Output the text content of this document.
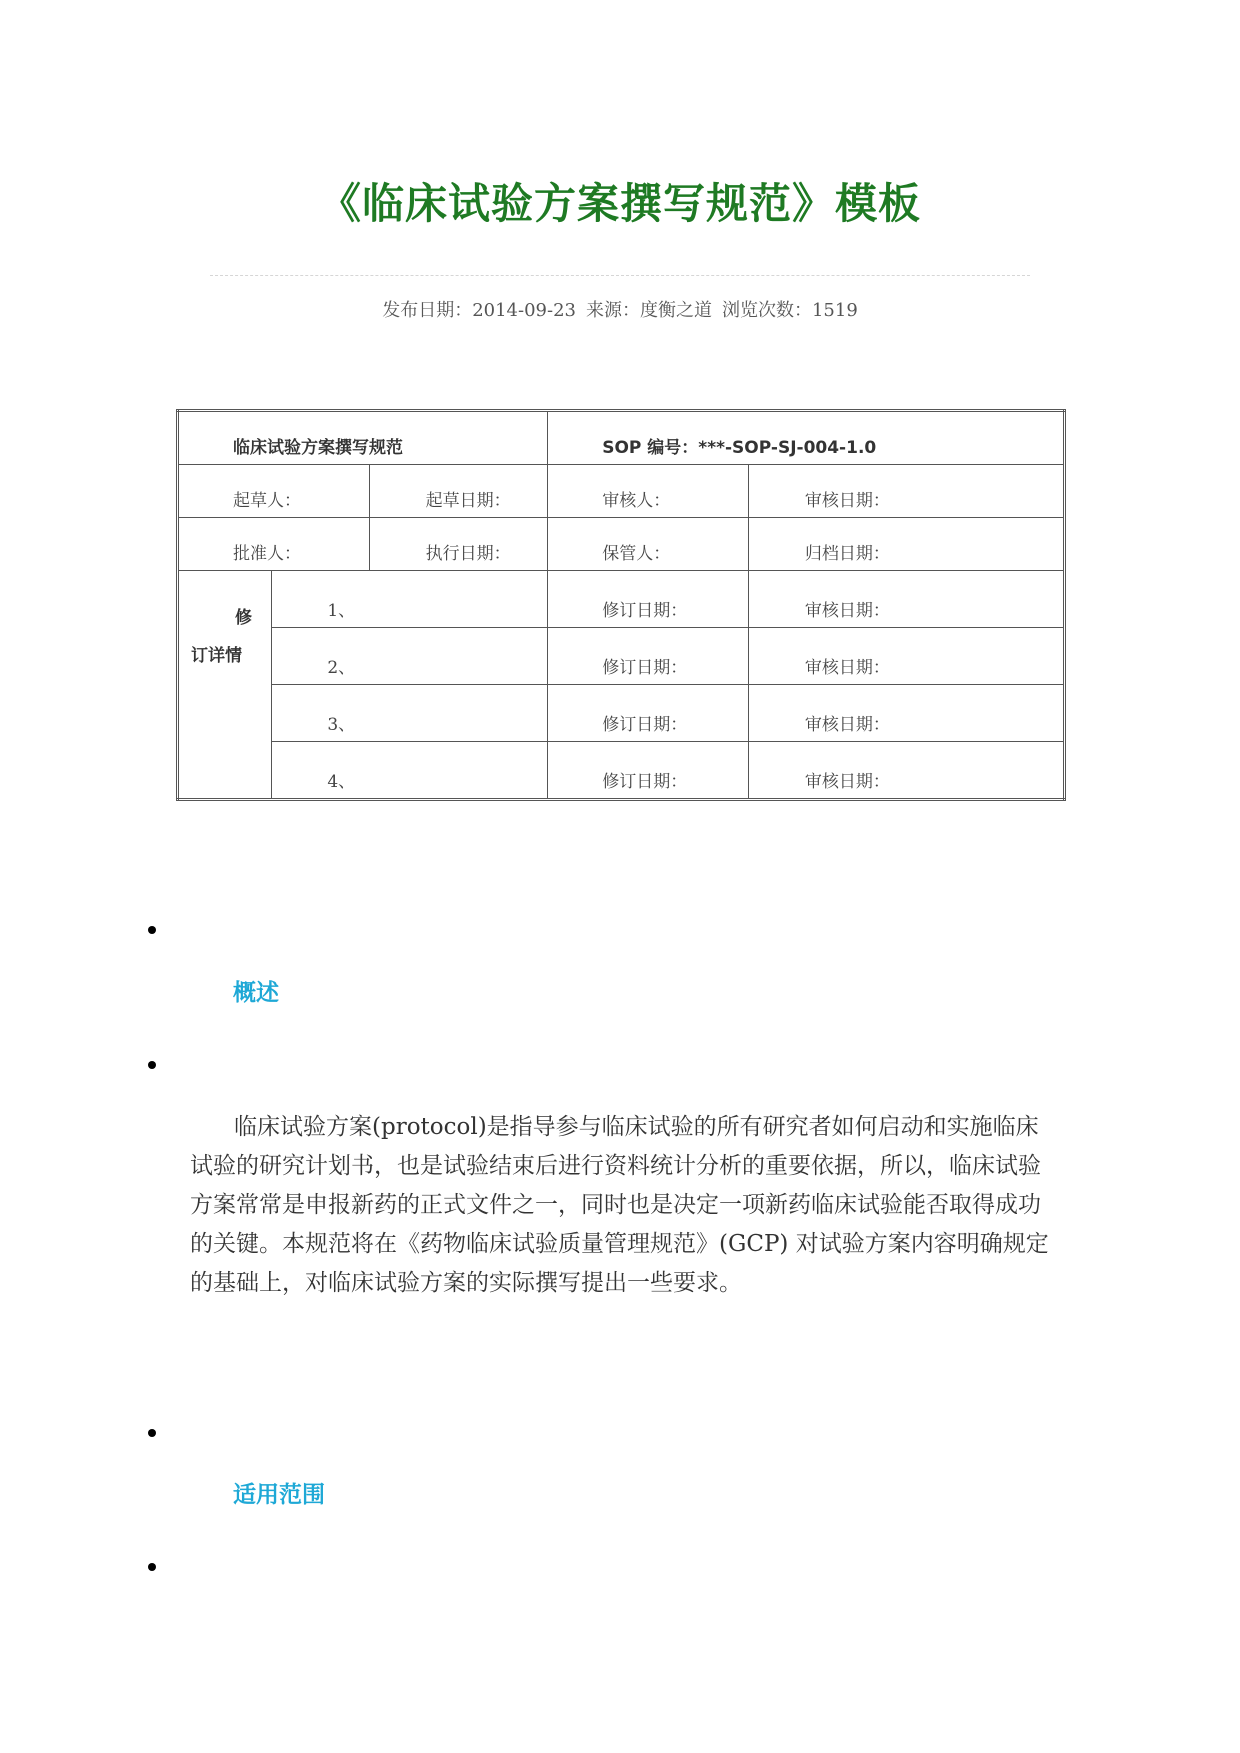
《临床试验方案撰写规范》模板
发布日期：2014-09-23 来源：度衡之道 浏览次数：1519
临床试验方案撰写规范			SOP 编号：***-SOP-SJ-004-1.0	
起草人：		起草日期：	审核人：	审核日期：
批准人：		执行日期：	保管人：	归档日期：

修
订详情	1、		修订日期：	审核日期：
	2、		修订日期：	审核日期：
	3、		修订日期：	审核日期：
	4、		修订日期：	审核日期：
概述

临床试验方案(protocol)是指导参与临床试验的所有研究者如何启动和实施临床试验的研究计划书，也是试验结束后进行资料统计分析的重要依据，所以，临床试验方案常常是申报新药的正式文件之一，同时也是决定一项新药临床试验能否取得成功的关键。本规范将在《药物临床试验质量管理规范》(GCP) 对试验方案内容明确规定的基础上，对临床试验方案的实际撰写提出一些要求。

适用范围
